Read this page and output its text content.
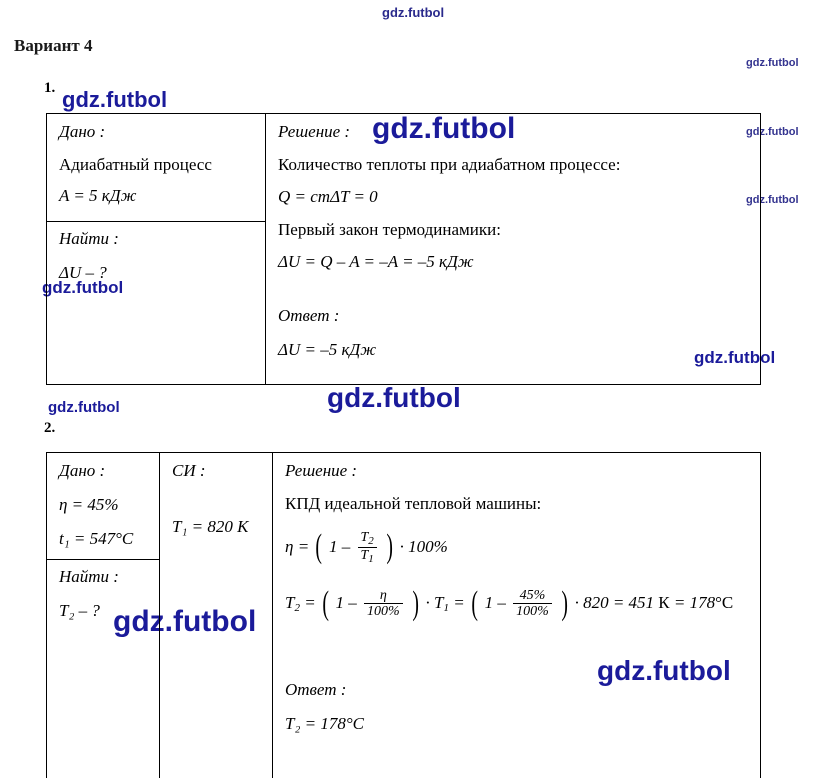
gdz.futbol
gdz.futbol
gdz.futbol
gdz.futbol
gdz.futbol
gdz.futbol
gdz.futbol
gdz.futbol
gdz.futbol
gdz.futbol
gdz.futbol
gdz.futbol
Вариант 4
1.
Дано :
Адиабатный процесс
A = 5 кДж
Найти :
ΔU – ?
Решение :
Количество теплоты при адиабатном процессе:
Q = cmΔT = 0
Первый закон термодинамики:
ΔU = Q – A = –A = –5 кДж
Ответ :
ΔU = –5 кДж
2.
Дано :
η = 45%
t₁ = 547°C
Найти :
T₂ – ?
СИ :
T₁ = 820 К
Решение :
КПД идеальной тепловой машины:
η = ( $1 - \frac{T_2}{T_1}$ ) · 100%
$T_2$ = ( $1 - \frac{\eta}{100\%}$ ) · $T_1$ = ( $1 - \frac{45\%}{100\%}$ ) · 820 = 451 К = 178°C
Ответ :
T₂ = 178°C
